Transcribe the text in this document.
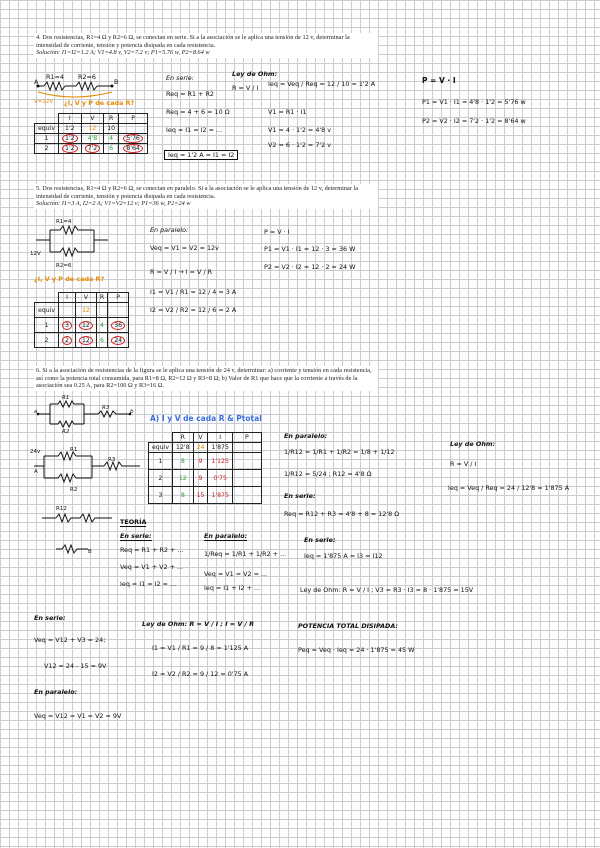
4. Dos resistencias, R1=4 Ω y R2=6 Ω, se conectan en serie. Si a la asociación se le aplica una tensión de 12 v, determinar la intensidad de corriente, tensión y potencia disipada en cada resistencia.
Solución: I1=I2=1.2 A; V1=4.8 v, V2=7.2 v; P1=5.76 w, P2=8.64 w
R1=4 R2=6
A	B
V=12V ¿I, V y P de cada R?
	I	V	R	P
equiv	1'2	12	10	
1	1'2	4'8	4	5'76
2	1'2	7'2	6	8'64
En serie:
Req = R1 + R2
Req = 4 + 6 = 10 Ω
Ieq = I1 = I2 = ...
Ieq = 1'2 A = I1 = I2
Ley de Ohm:
R = V / I Ieq = Veq / Req = 12 / 10 = 1'2 A
V1 = R1 · I1
V1 = 4 · 1'2 = 4'8 v
V2 = 6 · 1'2 = 7'2 v
P = V · I
P1 = V1 · I1 = 4'8 · 1'2 = 5'76 w
P2 = V2 · I2 = 7'2 · 1'2 = 8'64 w
5. Dos resistencias, R1=4 Ω y R2=6 Ω, se conectan en paralelo. Si a la asociación se le aplica una tensión de 12 v, determinar la intensidad de corriente, tensión y potencia disipada en cada resistencia.
Solución: I1=3 A, I2=2 A; V1=V2=12 v; P1=36 w, P2=24 w
R1=4
R2=6
12V
¿I, V y P de cada R?
	I	V	R	P
equiv		12		
1	3	12	4	36
2	2	12	6	24
En paralelo:
Veq = V1 = V2 = 12v
R = V / I → I = V / R
I1 = V1 / R1 = 12 / 4 = 3 A
I2 = V2 / R2 = 12 / 6 = 2 A
P = V · I
P1 = V1 · I1 = 12 · 3 = 36 W
P2 = V2 · I2 = 12 · 2 = 24 W
6. Si a la asociación de resistencias de la figura se le aplica una tensión de 24 v, determinar: a) corriente y tensión en cada resistencia, así como la potencia total consumida, para R1=8 Ω, R2=12 Ω y R3=8 Ω; b) Valor de R1 que hace que la corriente a través de la asociación sea 0.25 A, para R2=100 Ω y R3=16 Ω.
R1
R2
R3
a	b
A) I y V de cada R & Ptotal
	R	V	I	P
equiv	12'8	24	1'875	
1	8	9	1'125	
2	12	9	0'75	
3	8	15	1'875	
24v	R1
R2
R3
A
R12
B
En paralelo:
1/R12 = 1/R1 + 1/R2 = 1/8 + 1/12
1/R12 = 5/24 ; R12 = 4'8 Ω
En serie:
Req = R12 + R3 = 4'8 + 8 = 12'8 Ω
Ley de Ohm:
R = V / I
Ieq = Veq / Req = 24 / 12'8 = 1'875 A
TEORÍA
En serie:
Req = R1 + R2 + ...
Veq = V1 + V2 + ...
Ieq = I1 = I2 = ...
En paralelo:
1/Req = 1/R1 + 1/R2 + ...
Veq = V1 = V2 = ...
Ieq = I1 + I2 + ...
En serie:
Ieq = 1'875 A = I3 = I12
Ley de Ohm: R = V / I ; V3 = R3 · I3 = 8 · 1'875 = 15V
En serie:
Veq = V12 + V3 = 24;
V12 = 24 - 15 = 9V
En paralelo:
Veq = V12 = V1 = V2 = 9V
Ley de Ohm: R = V / I ; I = V / R
I1 = V1 / R1 = 9 / 8 = 1'125 A
I2 = V2 / R2 = 9 / 12 = 0'75 A
POTENCIA TOTAL DISIPADA:
Peq = Veq · Ieq = 24 · 1'875 = 45 W
